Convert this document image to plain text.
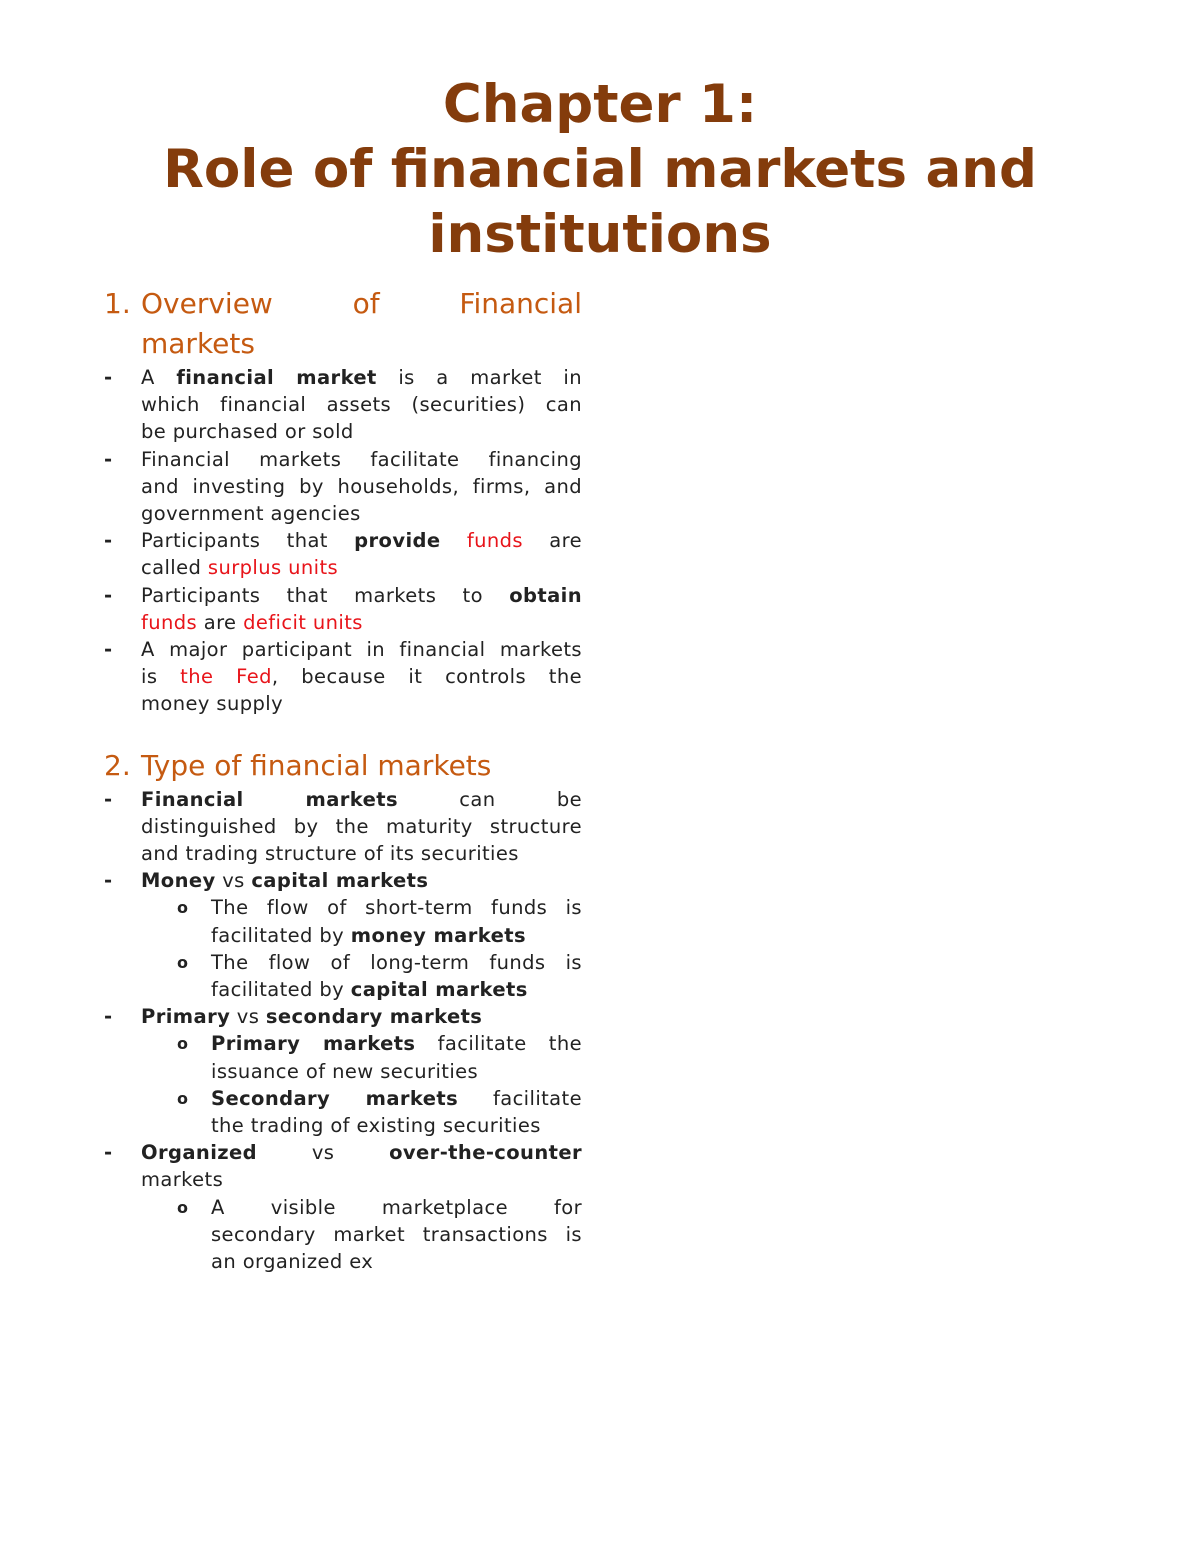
Chapter 1:
Role of financial markets and
institutions
1. Overview of Financial
markets
- A financial market is a market in
which financial assets (securities) can
be purchased or sold
- Financial markets facilitate financing
and investing by households, firms, and
government agencies
- Participants that provide funds are
called surplus units
- Participants that markets to obtain
funds are deficit units
- A major participant in financial markets
is the Fed, because it controls the
money supply
2. Type of financial markets
- Financial markets can be
distinguished by the maturity structure
and trading structure of its securities
- Money vs capital markets
o The flow of short-term funds is
facilitated by money markets
o The flow of long-term funds is
facilitated by capital markets
- Primary vs secondary markets
o Primary markets facilitate the
issuance of new securities
o Secondary markets facilitate
the trading of existing securities
- Organized vs over-the-counter
markets
o A visible marketplace for
secondary market transactions is
an organized ex
